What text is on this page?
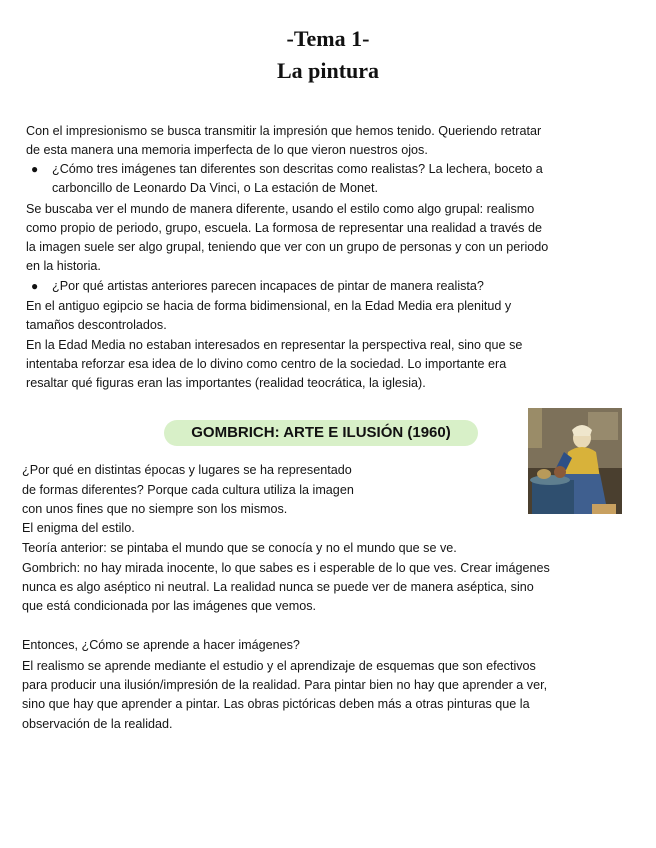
-Tema 1-
La pintura

Con el impresionismo se busca transmitir la impresión que hemos tenido. Queriendo retratar

de esta manera una memoria imperfecta de lo que vieron nuestros ojos.

● ¿Cómo tres imágenes tan diferentes son descritas como realistas? La lechera, boceto a

carboncillo de Leonardo Da Vinci, o La estación de Monet.

Se buscaba ver el mundo de manera diferente, usando el estilo como algo grupal: realismo

como propio de periodo, grupo, escuela. La formosa de representar una realidad a través de

la imagen suele ser algo grupal, teniendo que ver con un grupo de personas y con un periodo

en la historia.

● ¿Por qué artistas anteriores parecen incapaces de pintar de manera realista?

En el antiguo egipcio se hacia de forma bidimensional, en la Edad Media era plenitud y

tamaños descontrolados.

En la Edad Media no estaban interesados en representar la perspectiva real, sino que se

intentaba reforzar esa idea de lo divino como centro de la sociedad. Lo importante era

resaltar qué figuras eran las importantes (realidad teocrática, la iglesia).

GOMBRICH: ARTE E ILUSIÓN (1960)

¿Por qué en distintas épocas y lugares se ha representado

de formas diferentes? Porque cada cultura utiliza la imagen

con unos fines que no siempre son los mismos.

El enigma del estilo.

Teoría anterior: se pintaba el mundo que se conocía y no el mundo que se ve.

Gombrich: no hay mirada inocente, lo que sabes es i esperable de lo que ves. Crear imágenes

nunca es algo aséptico ni neutral. La realidad nunca se puede ver de manera aséptica, sino

que está condicionada por las imágenes que vemos.

Entonces, ¿Cómo se aprende a hacer imágenes?

El realismo se aprende mediante el estudio y el aprendizaje de esquemas que son efectivos

para producir una ilusión/impresión de la realidad. Para pintar bien no hay que aprender a ver,

sino que hay que aprender a pintar. Las obras pictóricas deben más a otras pinturas que la

observación de la realidad.
